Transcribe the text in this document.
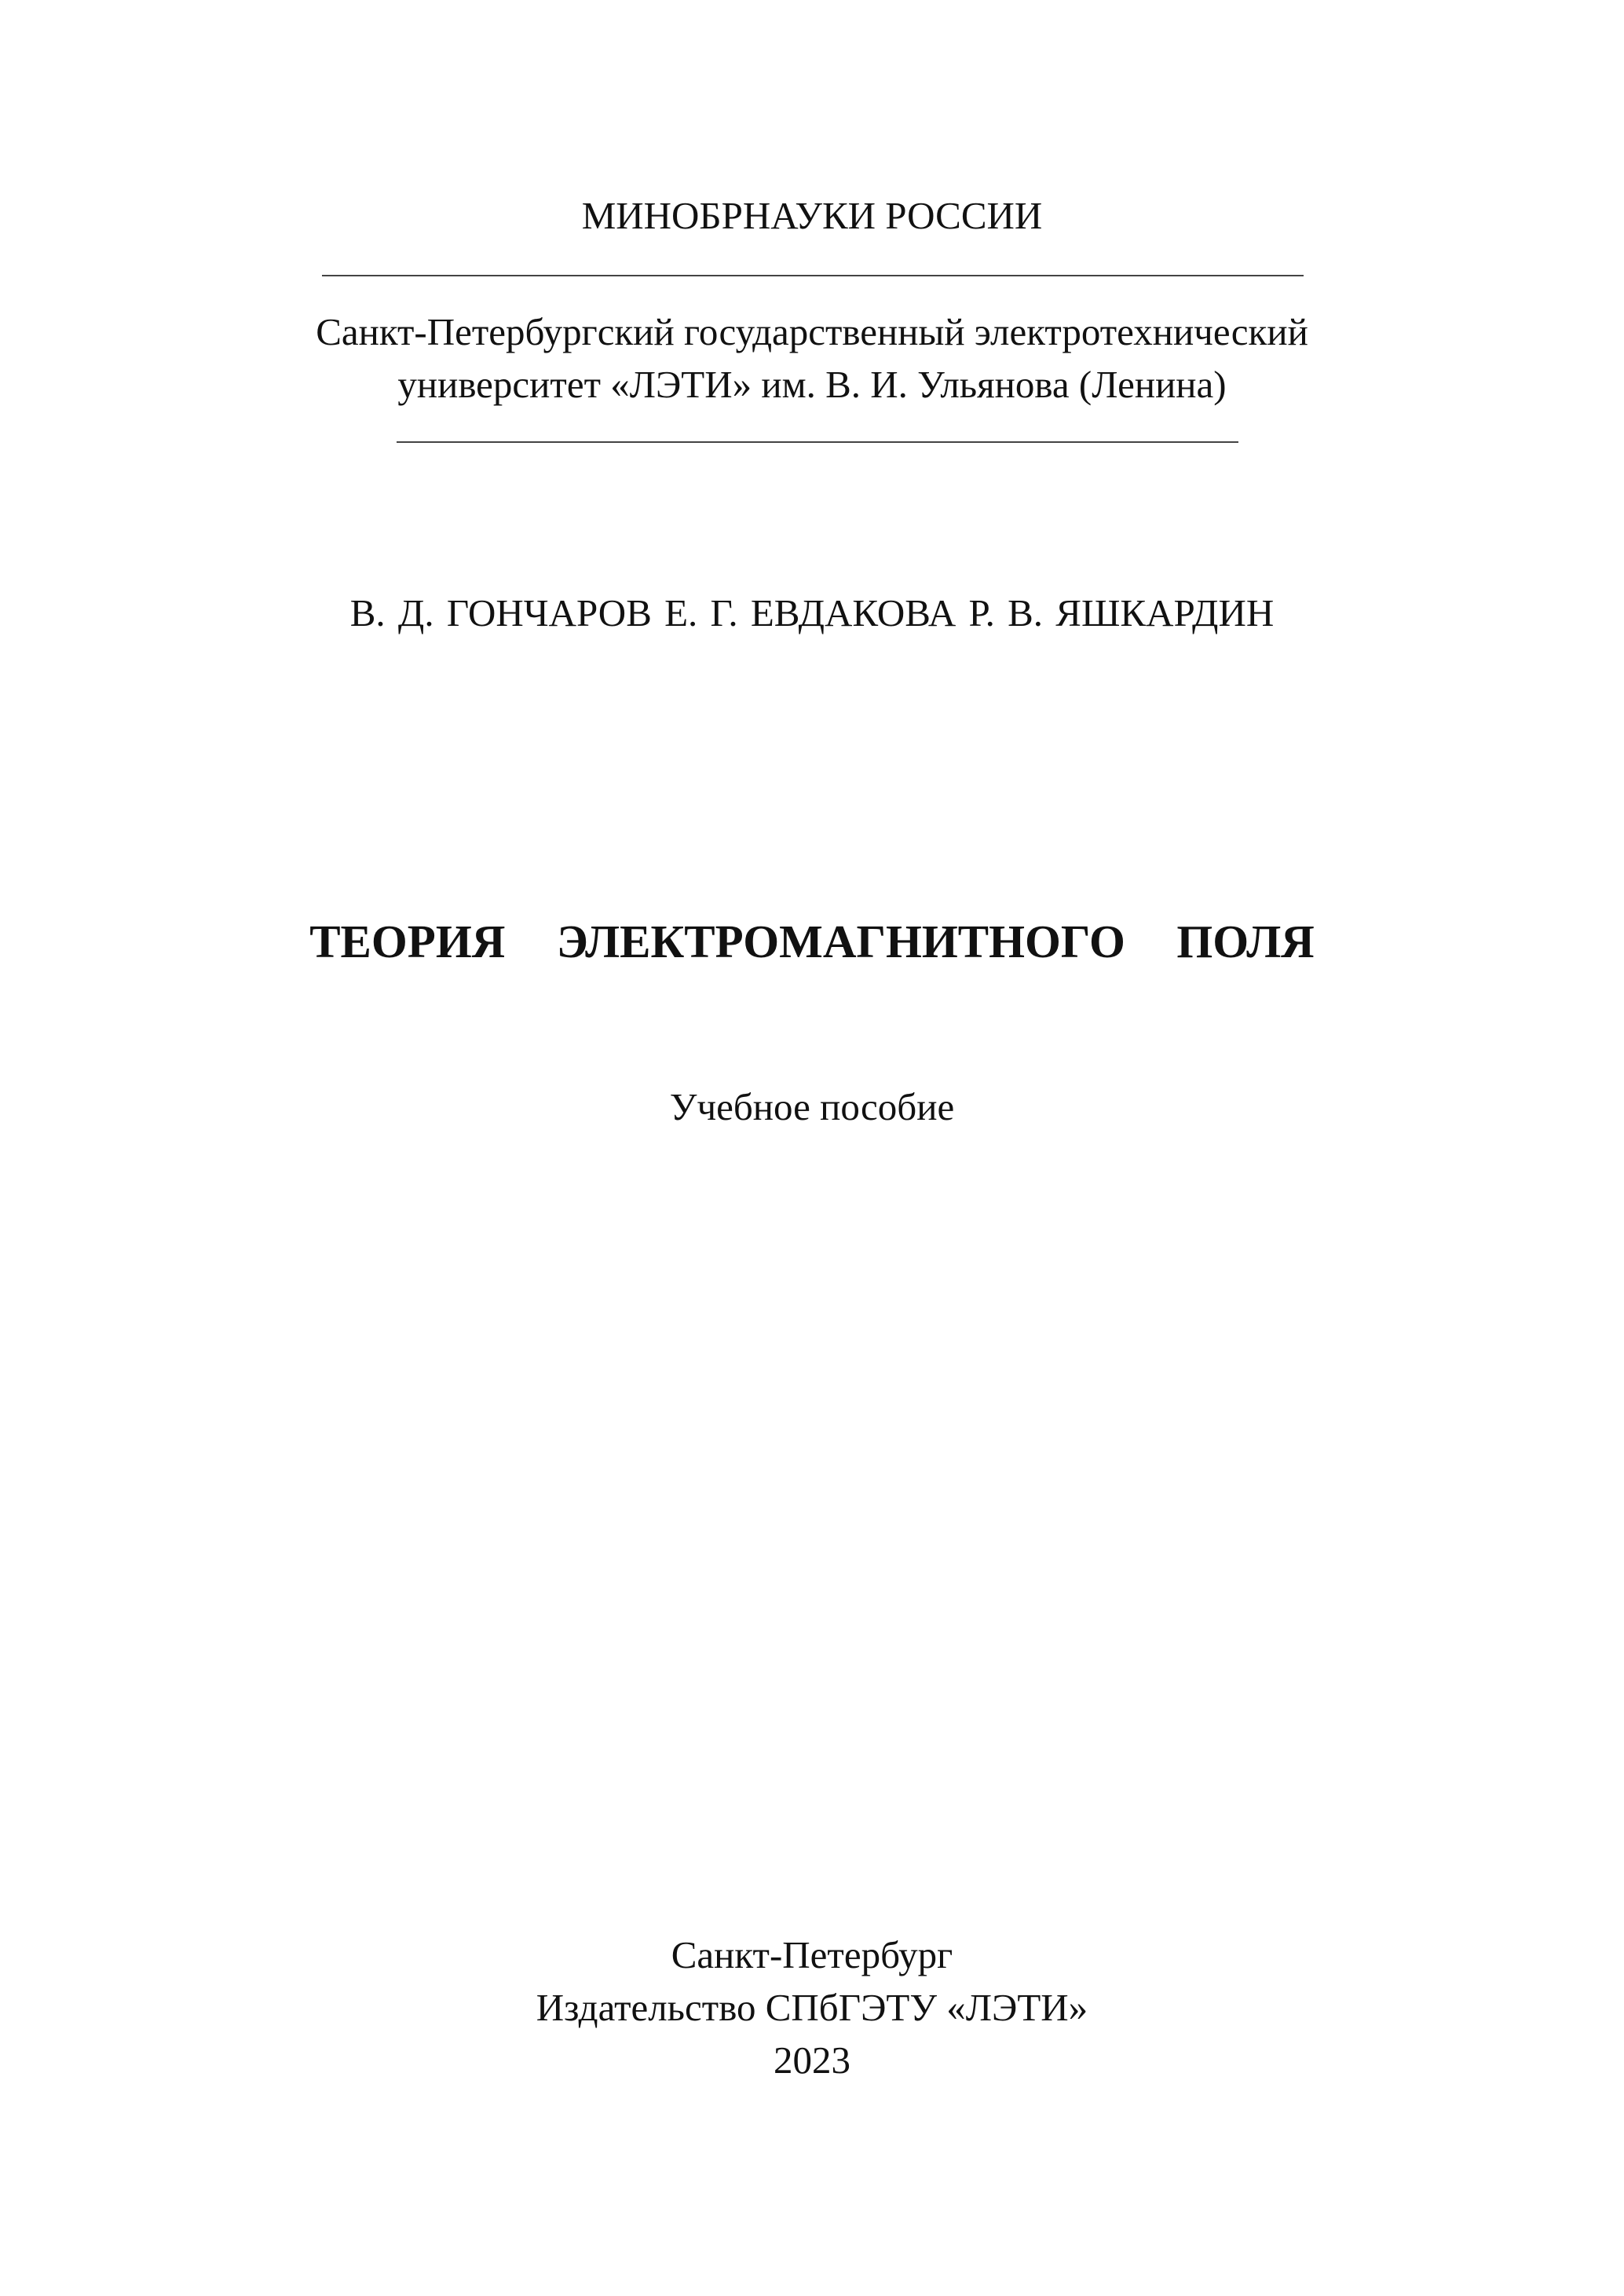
МИНОБРНАУКИ РОССИИ
Санкт-Петербургский государственный электротехнический
университет «ЛЭТИ» им. В. И. Ульянова (Ленина)
В. Д. ГОНЧАРОВ Е. Г. ЕВДАКОВА Р. В. ЯШКАРДИН
ТЕОРИЯ  ЭЛЕКТРОМАГНИТНОГО  ПОЛЯ
Учебное пособие
Санкт-Петербург
Издательство СПбГЭТУ «ЛЭТИ»
2023
